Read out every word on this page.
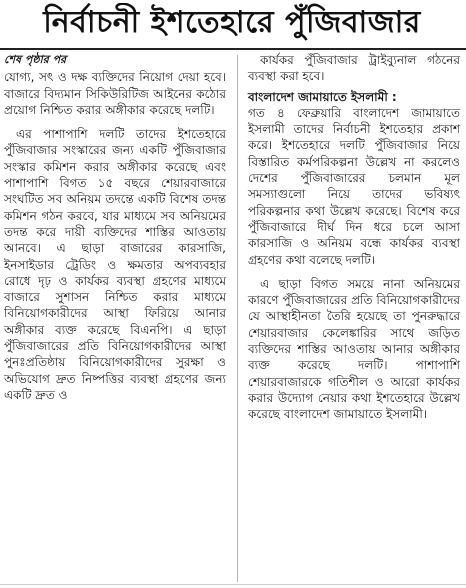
নির্বাচনী ইশতেহারে পুঁজিবাজার

শেষ পৃষ্ঠার পর

যোগ্য, সৎ ও দক্ষ ব্যক্তিদের নিয়োগ দেয়া হবে। বাজারে বিদ্যমান সিকিউরিটিজ আইনের কঠোর প্রয়োগ নিশ্চিত করার অঙ্গীকার করেছে দলটি।

এর পাশাপাশি দলটি তাদের ইশতেহারে পুঁজিবাজার সংস্কারের জন্য একটি পুঁজিবাজার সংস্কার কমিশন করার অঙ্গীকার করেছে এবং পাশাপাশি বিগত ১৫ বছরে শেয়ারবাজারে সংঘটিত সব অনিয়ম তদন্তে একটি বিশেষ তদন্ত কমিশন গঠন করবে, যার মাধ্যমে সব অনিয়মের তদন্ত করে দায়ী ব্যক্তিদের শাস্তির আওতায় আনবে। এ ছাড়া বাজারের কারসাজি, ইনসাইডার ট্রেডিং ও ক্ষমতার অপব্যবহার রোধে দৃঢ় ও কার্যকর ব্যবস্থা গ্রহণের মাধ্যমে বাজারে সুশাসন নিশ্চিত করার মাধ্যমে বিনিয়োগকারীদের আস্থা ফিরিয়ে আনার অঙ্গীকার ব্যক্ত করেছে বিএনপি। এ ছাড়া পুঁজিবাজারের প্রতি বিনিয়োগকারীদের আস্থা পুনঃপ্রতিষ্ঠায় বিনিয়োগকারীদের সুরক্ষা ও অভিযোগ দ্রুত নিষ্পত্তির ব্যবস্থা গ্রহণের জন্য একটি দ্রুত ও

কার্যকর পুঁজিবাজার ট্রাইব্যুনাল গঠনের ব্যবস্থা করা হবে।

বাংলাদেশ জামায়াতে ইসলামী :

গত ৪ ফেব্রুয়ারি বাংলাদেশ জামায়াতে ইসলামী তাদের নির্বাচনী ইশতেহার প্রকাশ করে। ইশতেহারে দলটি পুঁজিবাজার নিয়ে বিস্তারিত কর্মপরিকল্পনা উল্লেখ না করলেও দেশের পুঁজিবাজারের চলমান মূল সমস্যাগুলো নিয়ে তাদের ভবিষ্যৎ পরিকল্পনার কথা উল্লেখ করেছে। বিশেষ করে পুঁজিবাজারে দীর্ঘ দিন ধরে চলে আসা কারসাজি ও অনিয়ম বন্ধে কার্যকর ব্যবস্থা গ্রহণের কথা বলেছে দলটি।

এ ছাড়া বিগত সময়ে নানা অনিয়মের কারণে পুঁজিবাজারের প্রতি বিনিয়োগকারীদের যে আস্থাহীনতা তৈরি হয়েছে তা পুনরুদ্ধারে শেয়ারবাজার কেলেঙ্কারির সাথে জড়িত ব্যক্তিদের শাস্তির আওতায় আনার অঙ্গীকার ব্যক্ত করেছে দলটি। পাশাপাশি শেয়ারবাজারকে গতিশীল ও আরো কার্যকর করার উদ্যোগ নেয়ার কথা ইশতেহারে উল্লেখ করেছে বাংলাদেশ জামায়াতে ইসলামী।
